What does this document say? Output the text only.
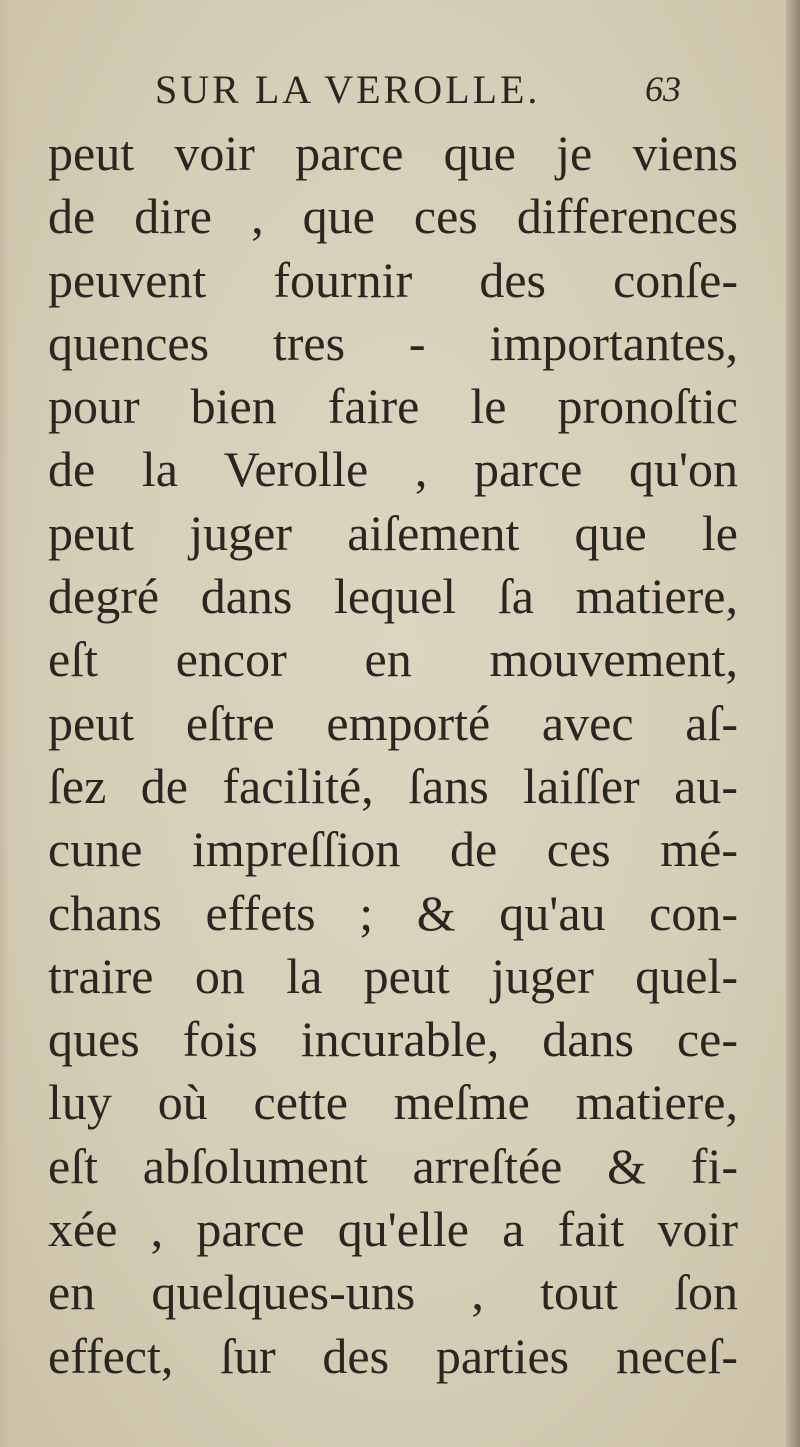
SUR LA VEROLLE.	63
peut voir parce que je viens
de dire , que ces differences
peuvent fournir des conſe-
quences tres - importantes,
pour bien faire le pronoſtic
de la Verolle , parce qu'on
peut juger aiſement que le
degré dans lequel ſa matiere,
eſt encor en mouvement,
peut eſtre emporté avec aſ-
ſez de facilité, ſans laiſſer au-
cune impreſſion de ces mé-
chans effets ; & qu'au con-
traire on la peut juger quel-
ques fois incurable, dans ce-
luy où cette meſme matiere,
eſt abſolument arreſtée & fi-
xée , parce qu'elle a fait voir
en quelques-uns , tout ſon
effect, ſur des parties neceſ-
